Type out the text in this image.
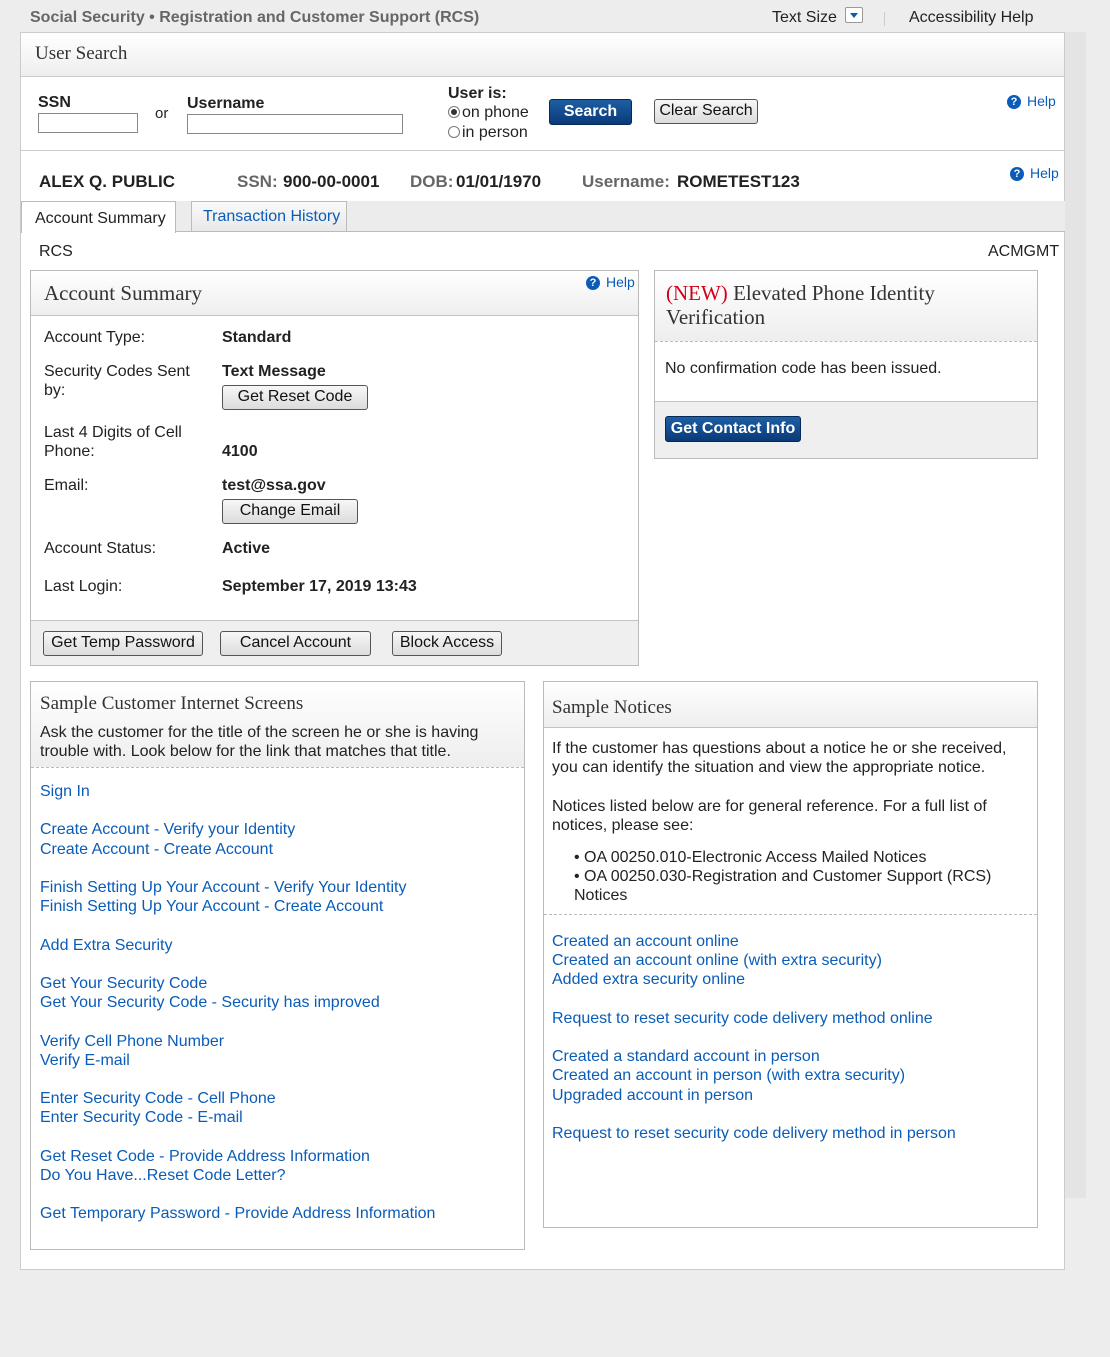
Social Security • Registration and Customer Support (RCS)	Text Size	Accessibility Help
User Search
SSN
or
Username
User is:
on phone
in person
Search	Clear Search	? Help
ALEX Q. PUBLIC	SSN: 900-00-0001 DOB: 01/01/1970 Username: ROMETEST123	? Help
Account Summary Transaction History
RCS	ACMGMT
Account Summary	? Help
Account Type:	Standard
Security Codes Sent by:
Text Message
Get Reset Code
Last 4 Digits of Cell Phone:	4100
Email:	test@ssa.gov
Change Email
Account Status:	Active
Last Login:	September 17, 2019 13:43
Get Temp Password	Cancel Account	Block Access
(NEW) Elevated Phone Identity Verification
No confirmation code has been issued.
Get Contact Info
Sample Customer Internet Screens
Ask the customer for the title of the screen he or she is having trouble with. Look below for the link that matches that title.
Sign In
Create Account - Verify your Identity
Create Account - Create Account
Finish Setting Up Your Account - Verify Your Identity
Finish Setting Up Your Account - Create Account
Add Extra Security
Get Your Security Code
Get Your Security Code - Security has improved
Verify Cell Phone Number
Verify E-mail
Enter Security Code - Cell Phone
Enter Security Code - E-mail
Get Reset Code - Provide Address Information
Do You Have...Reset Code Letter?
Get Temporary Password - Provide Address Information
Sample Notices
If the customer has questions about a notice he or she received, you can identify the situation and view the appropriate notice.
Notices listed below are for general reference. For a full list of notices, please see:
• OA 00250.010-Electronic Access Mailed Notices
• OA 00250.030-Registration and Customer Support (RCS) Notices
Created an account online
Created an account online (with extra security)
Added extra security online
Request to reset security code delivery method online
Created a standard account in person
Created an account in person (with extra security)
Upgraded account in person
Request to reset security code delivery method in person
